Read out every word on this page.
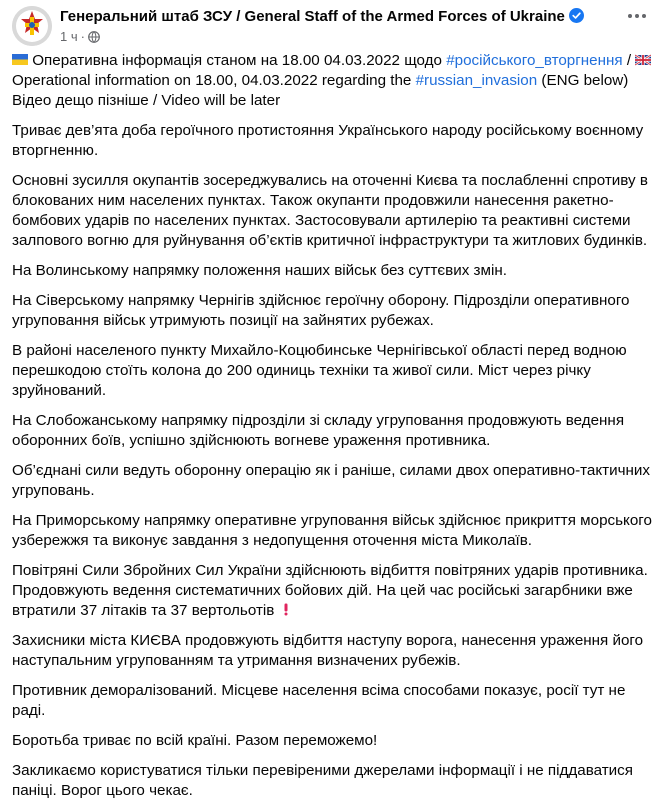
Генеральний штаб ЗСУ / General Staff of the Armed Forces of Ukraine
1 ч ·

Оперативна інформація станом на 18.00 04.03.2022 щодо #російського_вторгнення /
Operational information on 18.00, 04.03.2022 regarding the #russian_invasion (ENG below)
Відео дещо пізніше / Video will be later

Триває дев’ята доба героїчного протистояння Українського народу російському воєнному вторгненню.

Основні зусилля окупантів зосереджувались на оточенні Києва та послабленні спротиву в блокованих ним населених пунктах. Також окупанти продовжили нанесення ракетно-бомбових ударів по населених пунктах. Застосовували артилерію та реактивні системи залпового вогню для руйнування об’єктів критичної інфраструктури та житлових будинків.

На Волинському напрямку положення наших військ без суттєвих змін.

На Сіверському напрямку Чернігів здійснює героїчну оборону. Підрозділи оперативного угруповання військ утримують позиції на зайнятих рубежах.

В районі населеного пункту Михайло-Коцюбинське Чернігівської області перед водною перешкодою стоїть колона до 200 одиниць техніки та живої сили. Міст через річку зруйнований.

На Слобожанському напрямку підрозділи зі складу угруповання продовжують ведення оборонних боїв, успішно здійснюють вогневе ураження противника.

Об’єднані сили ведуть оборонну операцію як і раніше, силами двох оперативно-тактичних угруповань.

На Приморському напрямку оперативне угруповання військ здійснює прикриття морського узбережжя та виконує завдання з недопущення оточення міста Миколаїв.

Повітряні Сили Збройних Сил України здійснюють відбиття повітряних ударів противника. Продовжують ведення систематичних бойових дій. На цей час російські загарбники вже втратили 37 літаків та 37 вертольотів

Захисники міста КИЄВА продовжують відбиття наступу ворога, нанесення ураження його наступальним угрупованням та утримання визначених рубежів.

Противник деморалізований. Місцеве населення всіма способами показує, росії тут не раді.

Боротьба триває по всій країні. Разом переможемо!

Закликаємо користуватися тільки перевіреними джерелами інформації і не піддаватися паніці. Ворог цього чекає.
